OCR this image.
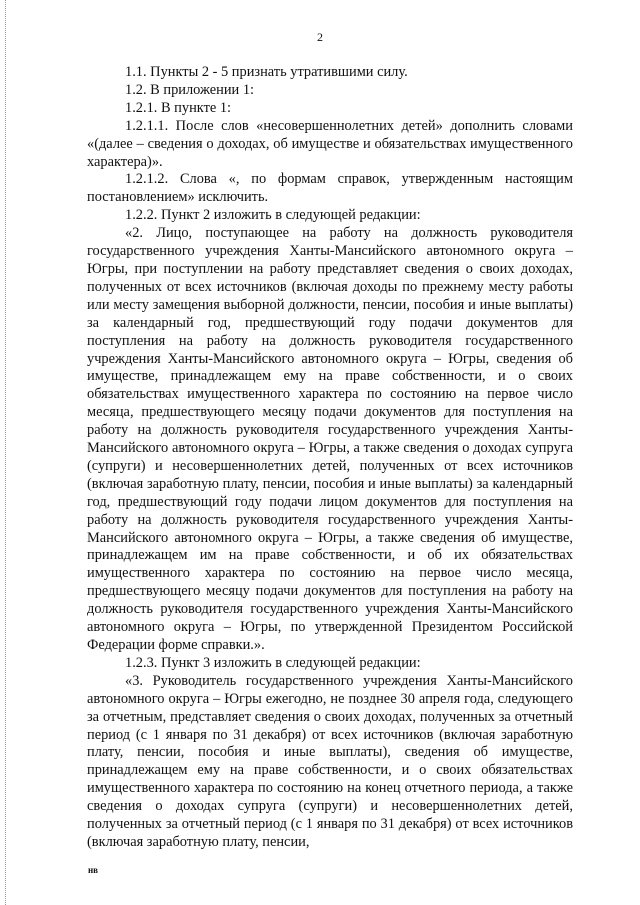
2

1.1. Пункты 2 - 5 признать утратившими силу.

1.2. В приложении 1:

1.2.1. В пункте 1:

1.2.1.1. После слов «несовершеннолетних детей» дополнить словами «(далее – сведения о доходах, об имуществе и обязательствах имущественного характера)».

1.2.1.2. Слова «, по формам справок, утвержденным настоящим постановлением» исключить.

1.2.2. Пункт 2 изложить в следующей редакции:

«2. Лицо, поступающее на работу на должность руководителя государственного учреждения Ханты-Мансийского автономного округа – Югры, при поступлении на работу представляет сведения о своих доходах, полученных от всех источников (включая доходы по прежнему месту работы или месту замещения выборной должности, пенсии, пособия и иные выплаты) за календарный год, предшествующий году подачи документов для поступления на работу на должность руководителя государственного учреждения Ханты-Мансийского автономного округа – Югры, сведения об имуществе, принадлежащем ему на праве собственности, и о своих обязательствах имущественного характера по состоянию на первое число месяца, предшествующего месяцу подачи документов для поступления на работу на должность руководителя государственного учреждения Ханты-Мансийского автономного округа – Югры, а также сведения о доходах супруга (супруги) и несовершеннолетних детей, полученных от всех источников (включая заработную плату, пенсии, пособия и иные выплаты) за календарный год, предшествующий году подачи лицом документов для поступления на работу на должность руководителя государственного учреждения Ханты-Мансийского автономного округа – Югры, а также сведения об имуществе, принадлежащем им на праве собственности, и об их обязательствах имущественного характера по состоянию на первое число месяца, предшествующего месяцу подачи документов для поступления на работу на должность руководителя государственного учреждения Ханты-Мансийского автономного округа – Югры, по утвержденной Президентом Российской Федерации форме справки.».

1.2.3. Пункт 3 изложить в следующей редакции:

«3. Руководитель государственного учреждения Ханты-Мансийского автономного округа – Югры ежегодно, не позднее 30 апреля года, следующего за отчетным, представляет сведения о своих доходах, полученных за отчетный период (с 1 января по 31 декабря) от всех источников (включая заработную плату, пенсии, пособия и иные выплаты), сведения об имуществе, принадлежащем ему на праве собственности, и о своих обязательствах имущественного характера по состоянию на конец отчетного периода, а также сведения о доходах супруга (супруги) и несовершеннолетних детей, полученных за отчетный период (с 1 января по 31 декабря) от всех источников (включая заработную плату, пенсии,

нв
